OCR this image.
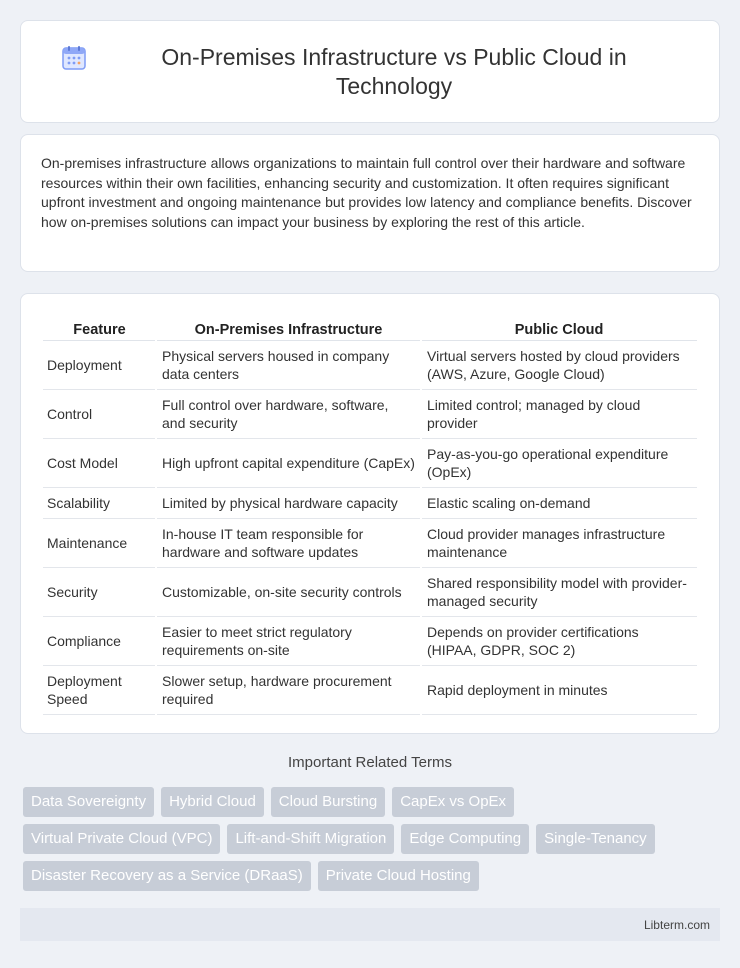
On-Premises Infrastructure vs Public Cloud in Technology

On-premises infrastructure allows organizations to maintain full control over their hardware and software resources within their own facilities, enhancing security and customization. It often requires significant upfront investment and ongoing maintenance but provides low latency and compliance benefits. Discover how on-premises solutions can impact your business by exploring the rest of this article.

Feature	On-Premises Infrastructure	Public Cloud
Deployment	Physical servers housed in company data centers	Virtual servers hosted by cloud providers (AWS, Azure, Google Cloud)
Control	Full control over hardware, software, and security	Limited control; managed by cloud provider
Cost Model	High upfront capital expenditure (CapEx)	Pay-as-you-go operational expenditure (OpEx)
Scalability	Limited by physical hardware capacity	Elastic scaling on-demand
Maintenance	In-house IT team responsible for hardware and software updates	Cloud provider manages infrastructure maintenance
Security	Customizable, on-site security controls	Shared responsibility model with provider-managed security
Compliance	Easier to meet strict regulatory requirements on-site	Depends on provider certifications (HIPAA, GDPR, SOC 2)
Deployment Speed	Slower setup, hardware procurement required	Rapid deployment in minutes
Important Related Terms
Data Sovereignty	Hybrid Cloud	Cloud Bursting	CapEx vs OpEx
Virtual Private Cloud (VPC)	Lift-and-Shift Migration	Edge Computing	Single-Tenancy
Disaster Recovery as a Service (DRaaS)	Private Cloud Hosting
Libterm.com
